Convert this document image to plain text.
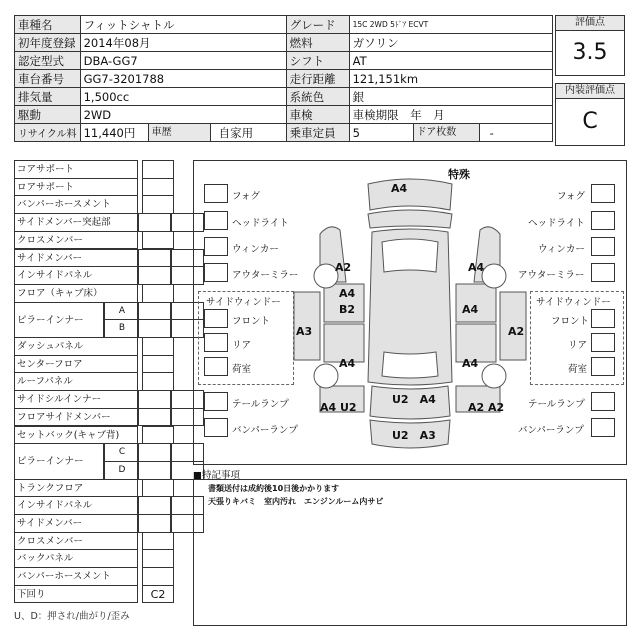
車種名	フィットシャトル	グレード	15C 2WD 5ﾄﾞｱ ECVT
初年度登録	2014年08月	燃料	ガソリン
認定型式	DBA-GG7	シフト	AT
車台番号	GG7-3201788	走行距離	121,151km
排気量	1,500cc	系統色	銀
駆動	2WD	車検	車検期限　年　月
リサイクル料	11,440円 車歴 自家用	乗車定員	5 ドア枚数 -
評価点
3.5
内装評価点
C
コアサポート
ロアサポート
バンパーホースメント
サイドメンバー突起部
クロスメンバー
サイドメンバー
インサイドパネル
フロア（キャブ床）
A
ピラーインナー
B
ダッシュパネル
センターフロア
ルーフパネル
サイドシルインナー
フロアサイドメンバー
セットバック(キャブ背)
C
ピラーインナー
D
トランクフロア
インサイドパネル
サイドメンバー
クロスメンバー
バックパネル
バンパーホースメント
下回り	C2
U、D：押され/曲がり/歪み
特殊
フォグ
ヘッドライト
ウィンカー
アウターミラー
フォグ
ヘッドライト
ウィンカー
アウターミラー
サイドウィンドー
フロント
リア
荷室
サイドウィンドー
フロント
リア
荷室
テールランプ
バンパーランプ
テールランプ
バンパーランプ
A4
A2
A4
B2
A3
A4
A4 U2
A4
A4
A2
A4
A2 A2
U2　A4
U2　A3
■特記事項
書類送付は成約後10日後かかります
天張りキバミ　室内汚れ　エンジンルーム内サビ
